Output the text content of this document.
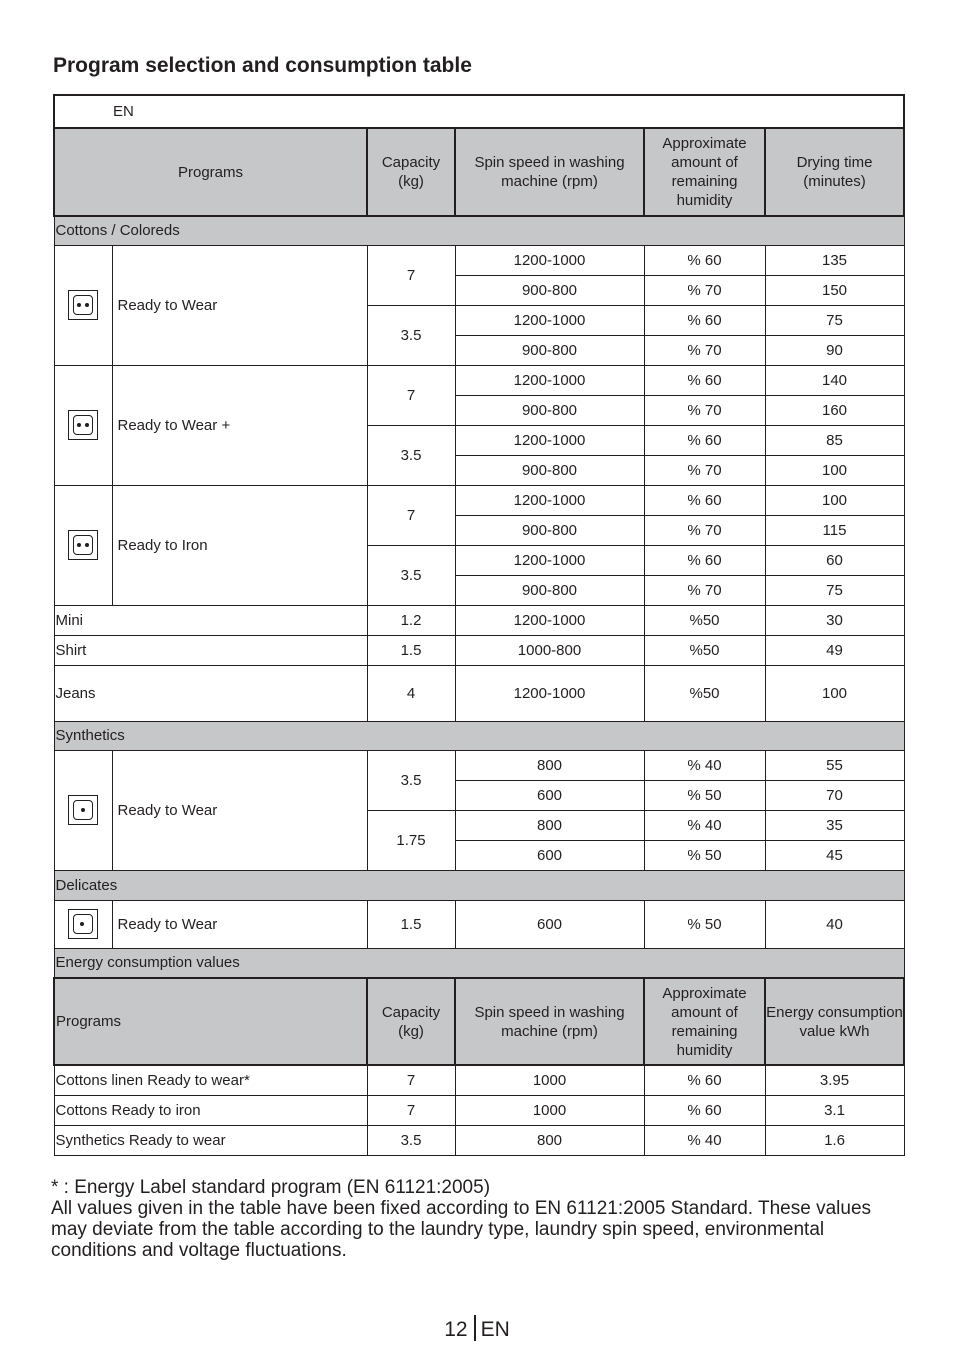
Program selection and consumption table
EN					
Programs		Capacity (kg)	Spin speed in washing machine (rpm)	Approximate amount of remaining humidity	Drying time (minutes)
Cottons / Coloreds					

	Ready to Wear	7	1200-1000	% 60	135
			900-800	% 70	150
		3.5	1200-1000	% 60	75
			900-800	% 70	90

	Ready to Wear +	7	1200-1000	% 60	140
			900-800	% 70	160
		3.5	1200-1000	% 60	85
			900-800	% 70	100

	Ready to Iron	7	1200-1000	% 60	100
			900-800	% 70	115
		3.5	1200-1000	% 60	60
			900-800	% 70	75
Mini		1.2	1200-1000	%50	30
Shirt		1.5	1000-800	%50	49
Jeans		4	1200-1000	%50	100
Synthetics					

	Ready to Wear	3.5	800	% 40	55
			600	% 50	70
		1.75	800	% 40	35
			600	% 50	45
Delicates					

	Ready to Wear	1.5	600	% 50	40
Energy consumption values					
Programs		Capacity (kg)	Spin speed in washing machine (rpm)	Approximate amount of remaining humidity	Energy consumption value kWh
Cottons linen Ready to wear*		7	1000	% 60	3.95
Cottons Ready to iron		7	1000	% 60	3.1
Synthetics Ready to wear		3.5	800	% 40	1.6

* : Energy Label standard program (EN 61121:2005)

All values given in the table have been fixed according to EN 61121:2005 Standard. These values may deviate from the table according to the laundry type, laundry spin speed, environmental conditions and voltage fluctuations.

12 EN
